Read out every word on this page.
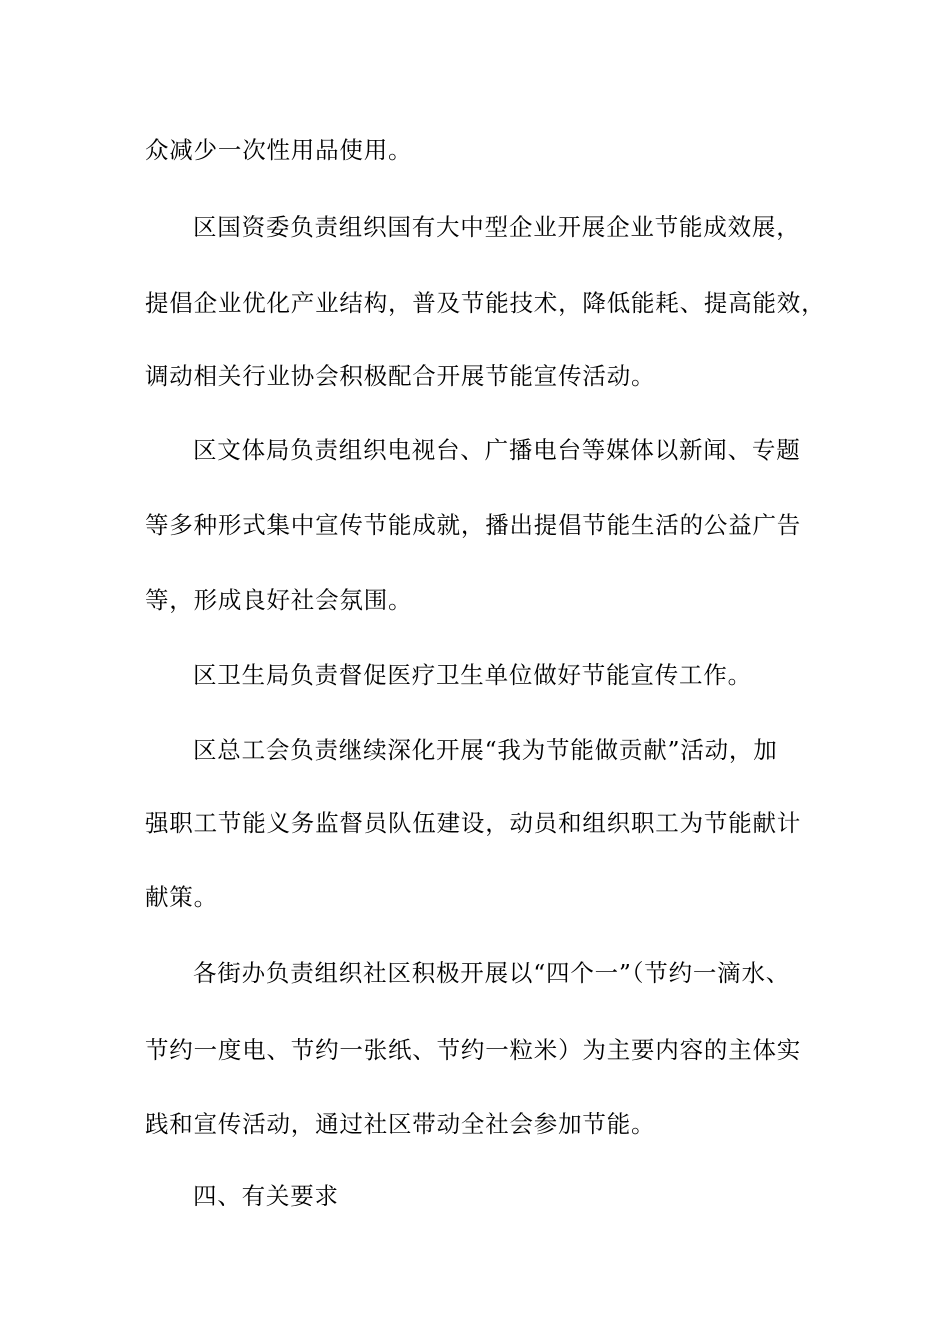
众减少一次性用品使用。
区国资委负责组织国有大中型企业开展企业节能成效展，
提倡企业优化产业结构，普及节能技术，降低能耗、提高能效，
调动相关行业协会积极配合开展节能宣传活动。
区文体局负责组织电视台、广播电台等媒体以新闻、专题
等多种形式集中宣传节能成就，播出提倡节能生活的公益广告
等，形成良好社会氛围。
区卫生局负责督促医疗卫生单位做好节能宣传工作。
区总工会负责继续深化开展“我为节能做贡献”活动，加
强职工节能义务监督员队伍建设，动员和组织职工为节能献计
献策。
各街办负责组织社区积极开展以“四个一”（节约一滴水、
节约一度电、节约一张纸、节约一粒米）为主要内容的主体实
践和宣传活动，通过社区带动全社会参加节能。
四、有关要求
